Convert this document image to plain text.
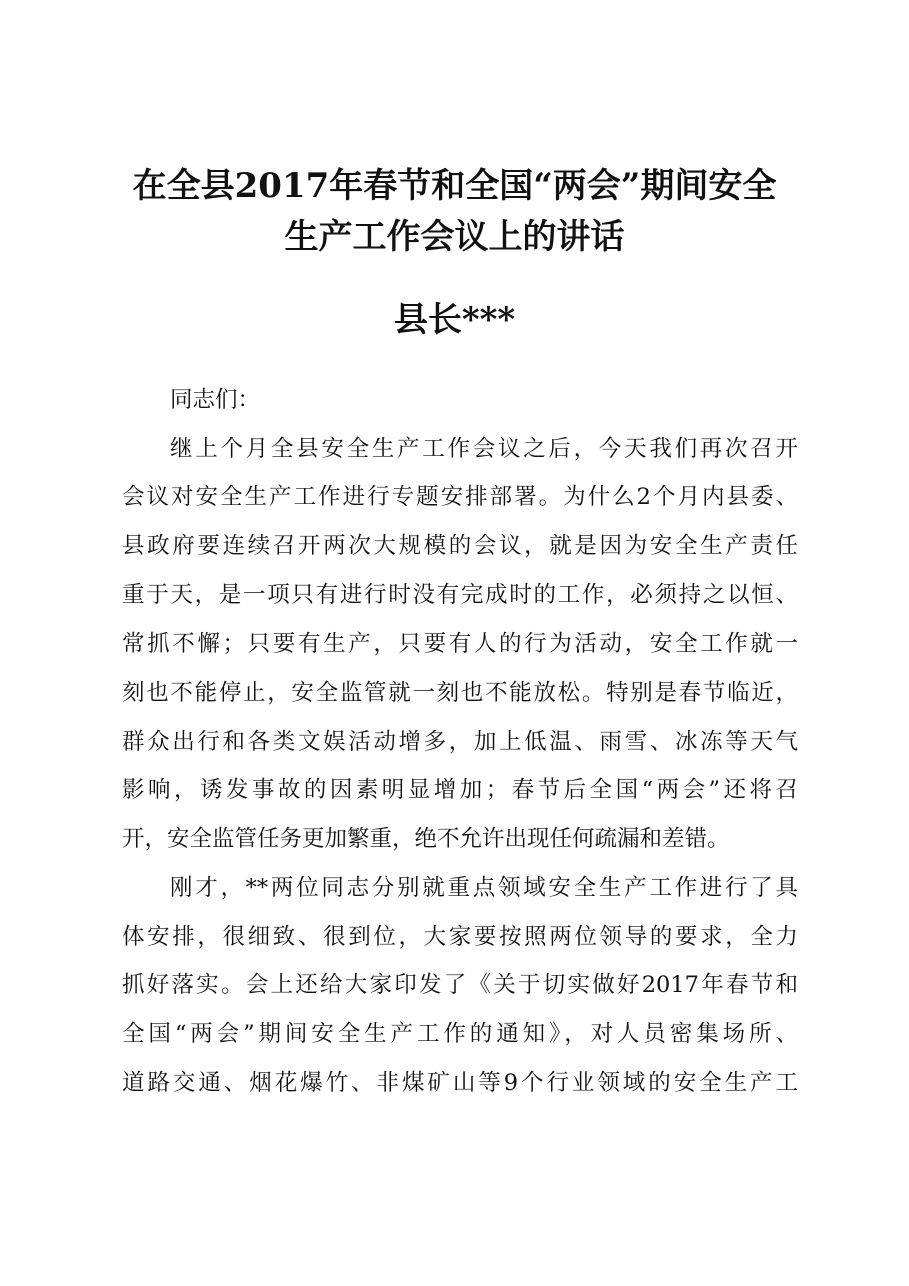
在全县2017年春节和全国“两会”期间安全
生产工作会议上的讲话
县长***
同志们：
继上个月全县安全生产工作会议之后，今天我们再次召开
会议对安全生产工作进行专题安排部署。为什么2个月内县委、
县政府要连续召开两次大规模的会议，就是因为安全生产责任
重于天，是一项只有进行时没有完成时的工作，必须持之以恒、
常抓不懈；只要有生产，只要有人的行为活动，安全工作就一
刻也不能停止，安全监管就一刻也不能放松。特别是春节临近，
群众出行和各类文娱活动增多，加上低温、雨雪、冰冻等天气
影响，诱发事故的因素明显增加；春节后全国“两会”还将召
开，安全监管任务更加繁重，绝不允许出现任何疏漏和差错。
刚才，**两位同志分别就重点领域安全生产工作进行了具
体安排，很细致、很到位，大家要按照两位领导的要求，全力
抓好落实。会上还给大家印发了《关于切实做好2017年春节和
全国“两会”期间安全生产工作的通知》，对人员密集场所、
道路交通、烟花爆竹、非煤矿山等9个行业领域的安全生产工
